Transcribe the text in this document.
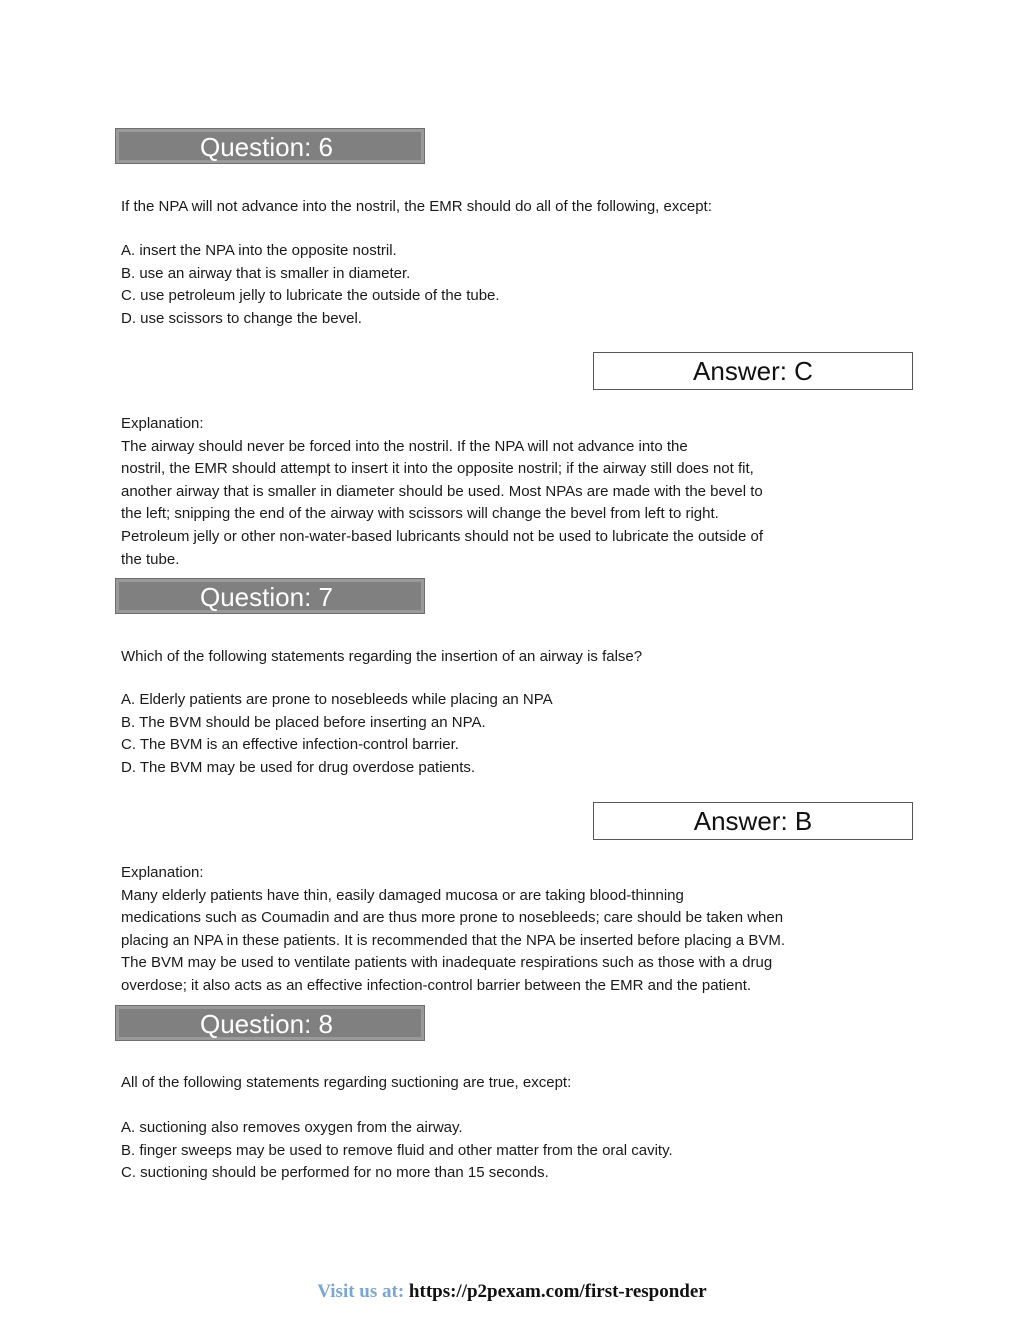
Question: 6
If the NPA will not advance into the nostril, the EMR should do all of the following, except:
A. insert the NPA into the opposite nostril.
B. use an airway that is smaller in diameter.
C. use petroleum jelly to lubricate the outside of the tube.
D. use scissors to change the bevel.
Answer: C
Explanation:
The airway should never be forced into the nostril. If the NPA will not advance into the
nostril, the EMR should attempt to insert it into the opposite nostril; if the airway still does not fit,
another airway that is smaller in diameter should be used. Most NPAs are made with the bevel to
the left; snipping the end of the airway with scissors will change the bevel from left to right.
Petroleum jelly or other non-water-based lubricants should not be used to lubricate the outside of
the tube.
Question: 7
Which of the following statements regarding the insertion of an airway is false?
A. Elderly patients are prone to nosebleeds while placing an NPA
B. The BVM should be placed before inserting an NPA.
C. The BVM is an effective infection-control barrier.
D. The BVM may be used for drug overdose patients.
Answer: B
Explanation:
Many elderly patients have thin, easily damaged mucosa or are taking blood-thinning
medications such as Coumadin and are thus more prone to nosebleeds; care should be taken when
placing an NPA in these patients. It is recommended that the NPA be inserted before placing a BVM.
The BVM may be used to ventilate patients with inadequate respirations such as those with a drug
overdose; it also acts as an effective infection-control barrier between the EMR and the patient.
Question: 8
All of the following statements regarding suctioning are true, except:
A. suctioning also removes oxygen from the airway.
B. finger sweeps may be used to remove fluid and other matter from the oral cavity.
C. suctioning should be performed for no more than 15 seconds.
Visit us at: https://p2pexam.com/first-responder
